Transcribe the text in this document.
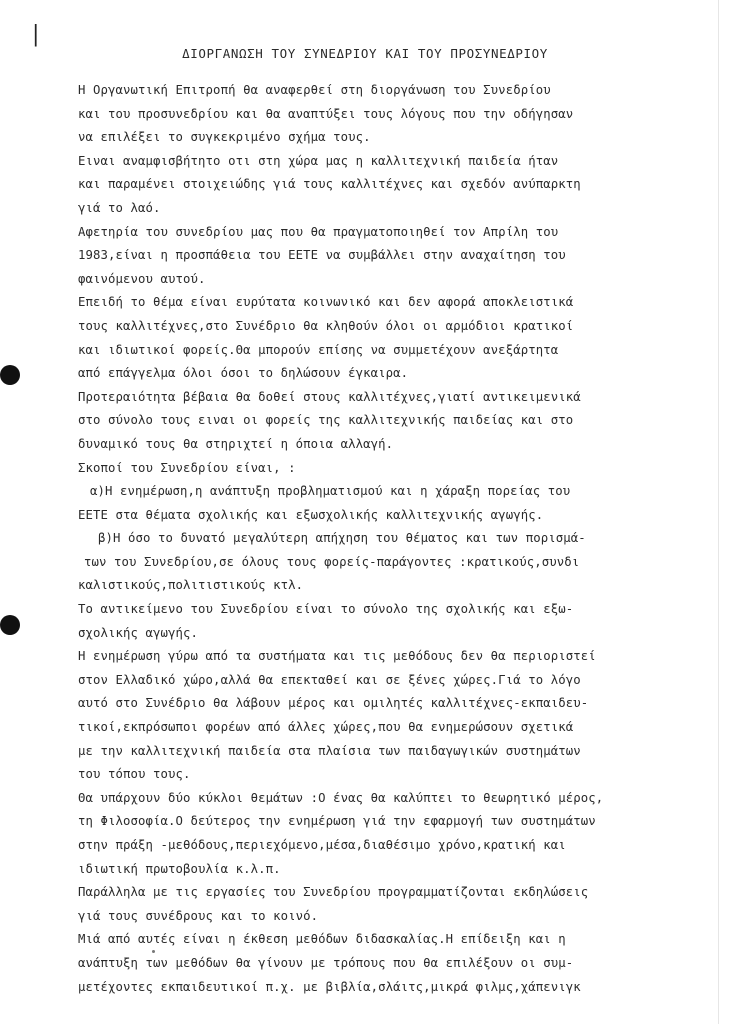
|
ΔΙΟΡΓΑΝΩΣΗ ΤΟΥ ΣΥΝΕΔΡΙΟΥ ΚΑΙ ΤΟΥ ΠΡΟΣΥΝΕΔΡΙΟΥ
Η Οργανωτική Επιτροπή θα αναφερθεί στη διοργάνωση του Συνεδρίου
και του προσυνεδρίου και θα αναπτύξει τους λόγους που την οδήγησαν
να επιλέξει το συγκεκριμένο σχήμα τους.
Ειναι αναμφισβήτητο οτι στη χώρα μας η καλλιτεχνική παιδεία ήταν
και παραμένει στοιχειώδης γιά τους καλλιτέχνες και σχεδόν ανύπαρκτη
γιά το λαό.
Αφετηρία του συνεδρίου μας που θα πραγματοποιηθεί τον Απρίλη του
1983,είναι η προσπάθεια του ΕΕΤΕ να συμβάλλει στην αναχαίτηση του
φαινόμενου αυτού.
Επειδή το θέμα είναι ευρύτατα κοινωνικό και δεν αφορά αποκλειστικά
τους καλλιτέχνες,στο Συνέδριο θα κληθούν όλοι οι αρμόδιοι κρατικοί
και ιδιωτικοί φορείς.Θα μπορούν επίσης να συμμετέχουν ανεξάρτητα
από επάγγελμα όλοι όσοι το δηλώσουν έγκαιρα.
Προτεραιότητα βέβαια θα δοθεί στους καλλιτέχνες,γιατί αντικειμενικά
στο σύνολο τους ειναι οι φορείς της καλλιτεχνικής παιδείας και στο
δυναμικό τους θα στηριχτεί η όποια αλλαγή.
Σκοποί του Συνεδρίου είναι, :
α)Η ενημέρωση,η ανάπτυξη προβληματισμού και η χάραξη πορείας του
ΕΕΤΕ στα θέματα σχολικής και εξωσχολικής καλλιτεχνικής αγωγής.
β)Η όσο το δυνατό μεγαλύτερη απήχηση του θέματος και των πορισμά-
των του Συνεδρίου,σε όλους τους φορείς-παράγοντες :κρατικούς,συνδι
καλιστικούς,πολιτιστικούς κτλ.
Το αντικείμενο του Συνεδρίου είναι το σύνολο της σχολικής και εξω-
σχολικής αγωγής.
Η ενημέρωση γύρω από τα συστήματα και τις μεθόδους δεν θα περιοριστεί
στον Ελλαδικό χώρο,αλλά θα επεκταθεί και σε ξένες χώρες.Γιά το λόγο
αυτό στο Συνέδριο θα λάβουν μέρος και ομιλητές καλλιτέχνες-εκπαιδευ-
τικοί,εκπρόσωποι φορέων από άλλες χώρες,που θα ενημερώσουν σχετικά
με την καλλιτεχνική παιδεία στα πλαίσια των παιδαγωγικών συστημάτων
του τόπου τους.
Θα υπάρχουν δύο κύκλοι θεμάτων :Ο ένας θα καλύπτει το θεωρητικό μέρος,
τη Φιλοσοφία.Ο δεύτερος την ενημέρωση γιά την εφαρμογή των συστημάτων
στην πράξη -μεθόδους,περιεχόμενο,μέσα,διαθέσιμο χρόνο,κρατική και
ιδιωτική πρωτοβουλία κ.λ.π.
Παράλληλα με τις εργασίες του Συνεδρίου προγραμματίζονται εκδηλώσεις
γιά τους συνέδρους και το κοινό.
Μιά από αυτές είναι η έκθεση μεθόδων διδασκαλίας.Η επίδειξη και η
ανάπτυξη των μεθόδων θα γίνουν με τρόπους που θα επιλέξουν οι συμ-
μετέχοντες εκπαιδευτικοί π.χ. με βιβλία,σλάιτς,μικρά φιλμς,χάπενιγκ
